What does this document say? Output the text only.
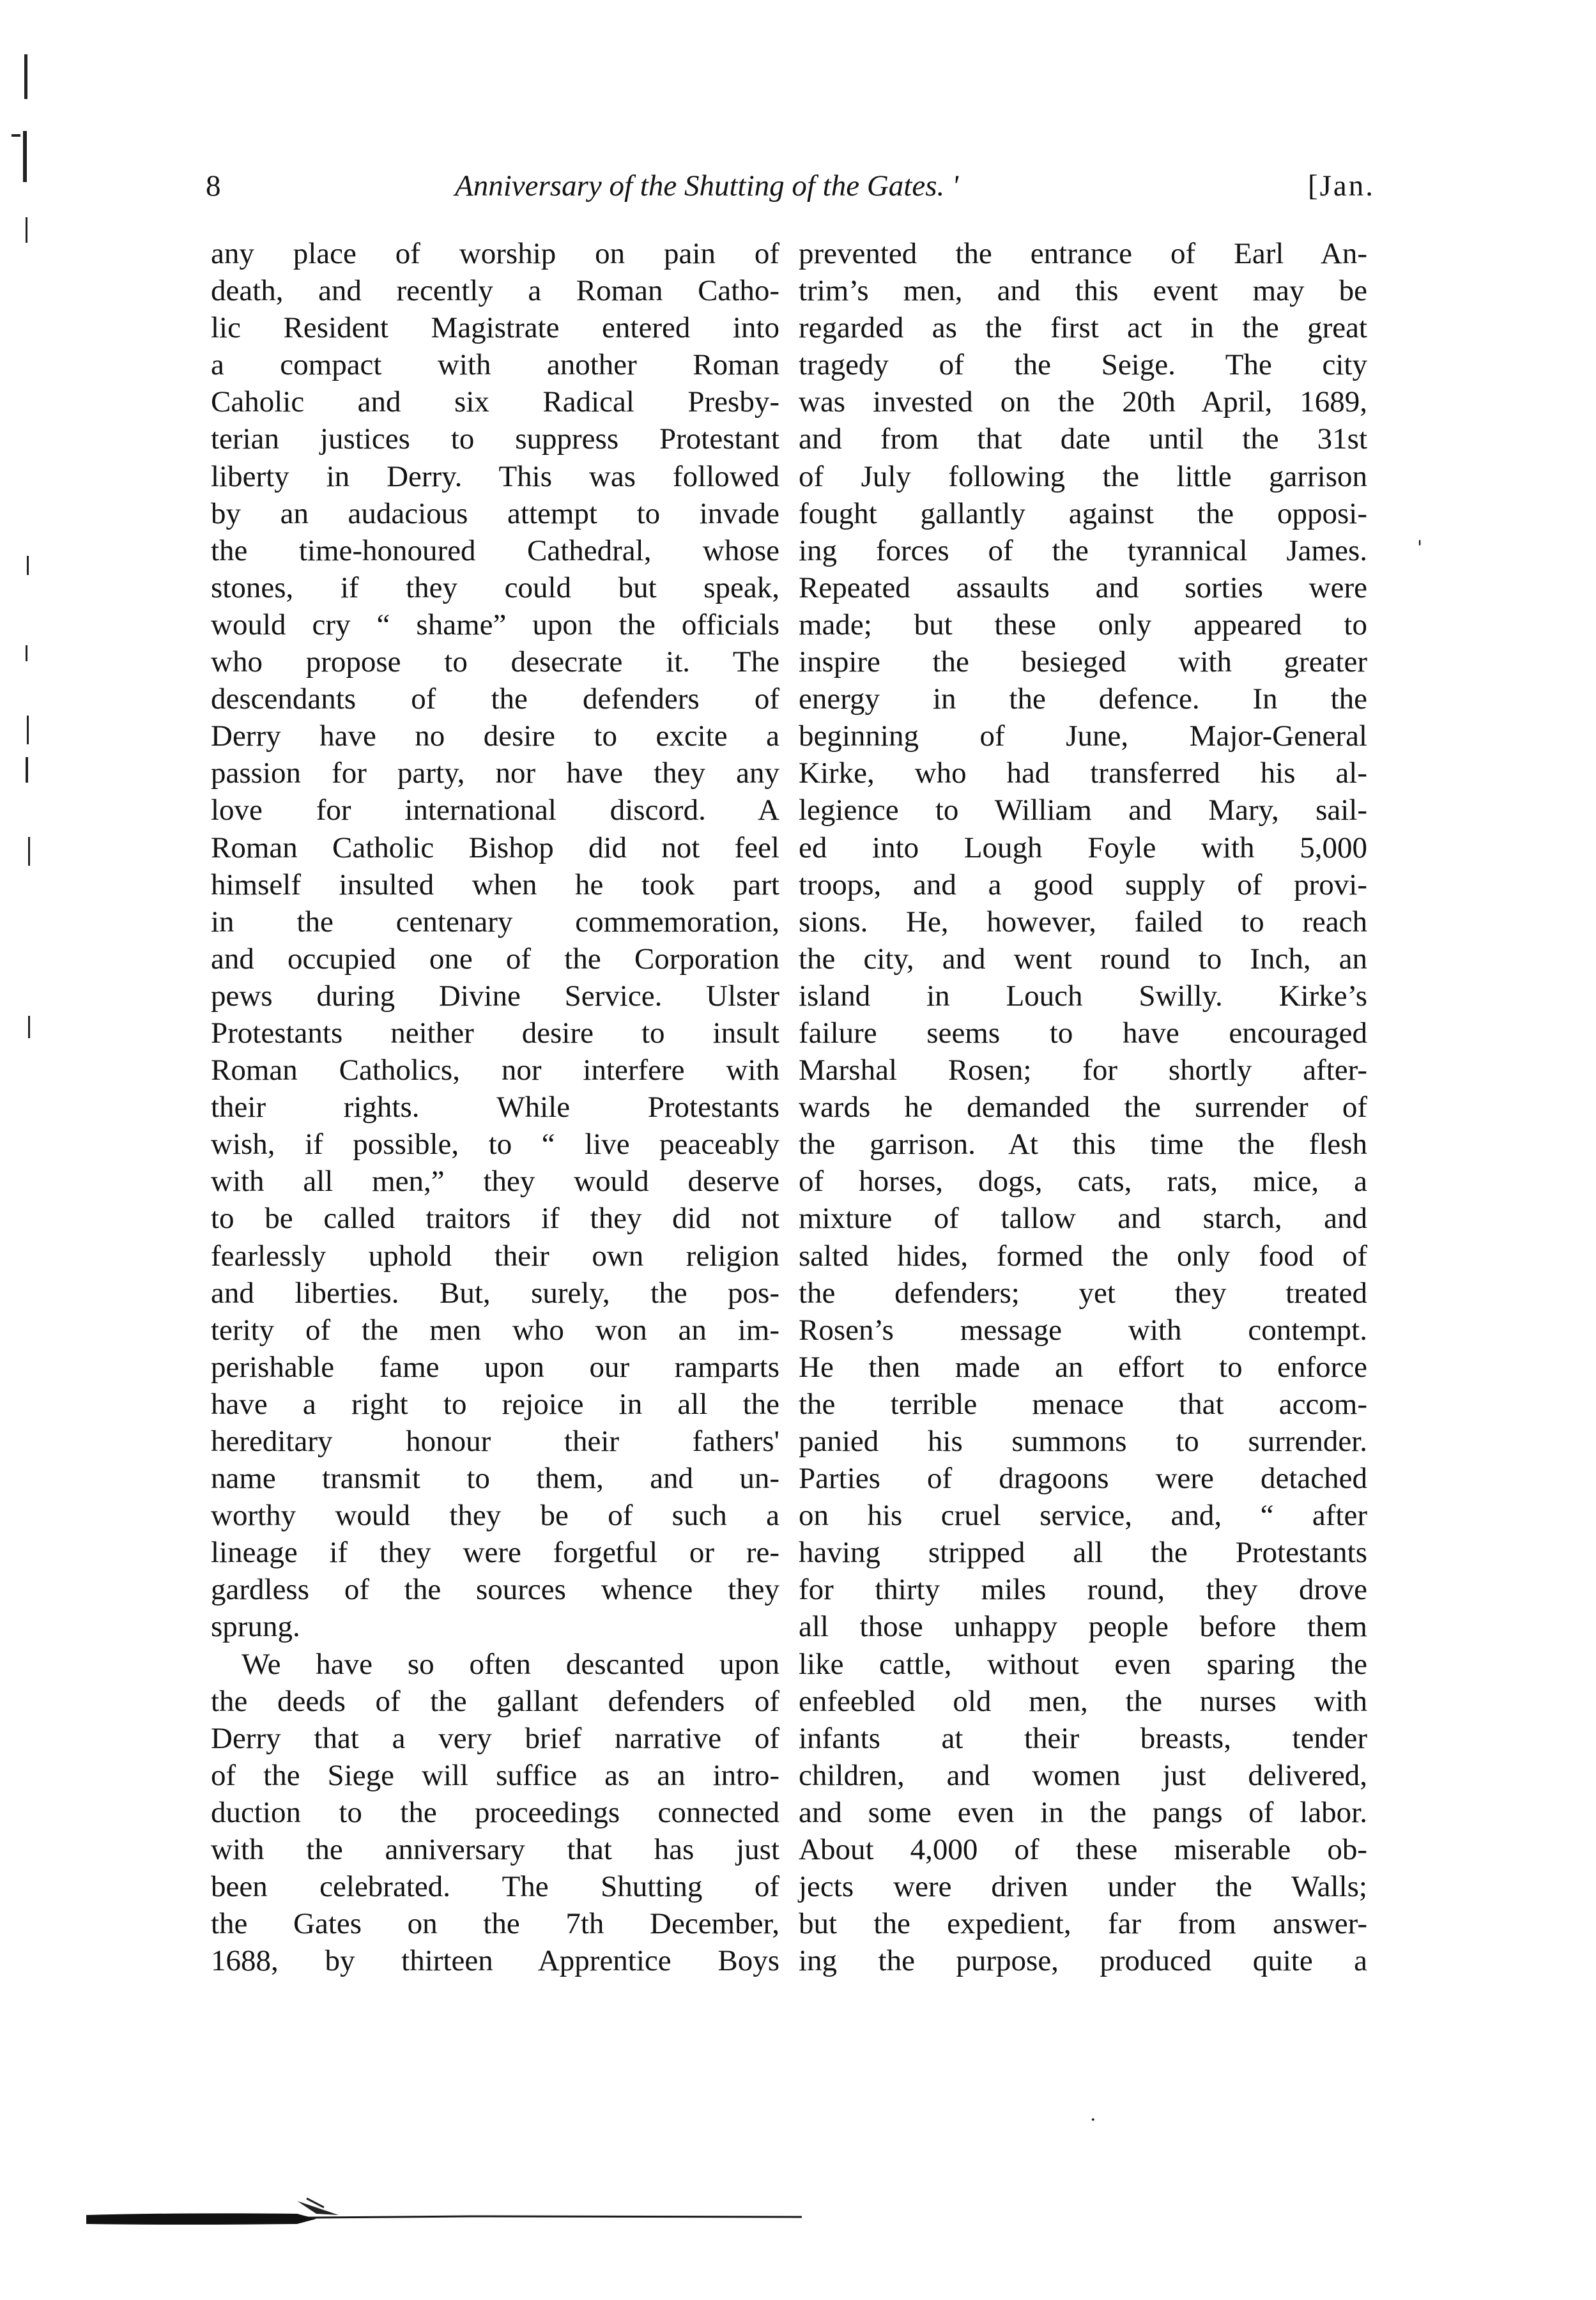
8	Anniversary of the Shutting of the Gates. '	[Jan.
any place of worship on pain of
death, and recently a Roman Catho-
lic Resident Magistrate entered into
a compact with another Roman
Caholic and six Radical Presby-
terian justices to suppress Protestant
liberty in Derry. This was followed
by an audacious attempt to invade
the time-honoured Cathedral, whose
stones, if they could but speak,
would cry “ shame” upon the officials
who propose to desecrate it. The
descendants of the defenders of
Derry have no desire to excite a
passion for party, nor have they any
love for international discord. A
Roman Catholic Bishop did not feel
himself insulted when he took part
in the centenary commemoration,
and occupied one of the Corporation
pews during Divine Service. Ulster
Protestants neither desire to insult
Roman Catholics, nor interfere with
their rights. While Protestants
wish, if possible, to “ live peaceably
with all men,” they would deserve
to be called traitors if they did not
fearlessly uphold their own religion
and liberties. But, surely, the pos-
terity of the men who won an im-
perishable fame upon our ramparts
have a right to rejoice in all the
hereditary honour their fathers'
name transmit to them, and un-
worthy would they be of such a
lineage if they were forgetful or re-
gardless of the sources whence they
sprung.
We have so often descanted upon
the deeds of the gallant defenders of
Derry that a very brief narrative of
of the Siege will suffice as an intro-
duction to the proceedings connected
with the anniversary that has just
been celebrated. The Shutting of
the Gates on the 7th December,
1688, by thirteen Apprentice Boys
prevented the entrance of Earl An-
trim’s men, and this event may be
regarded as the first act in the great
tragedy of the Seige. The city
was invested on the 20th April, 1689,
and from that date until the 31st
of July following the little garrison
fought gallantly against the opposi-
ing forces of the tyrannical James.
Repeated assaults and sorties were
made; but these only appeared to
inspire the besieged with greater
energy in the defence. In the
beginning of June, Major-General
Kirke, who had transferred his al-
legience to William and Mary, sail-
ed into Lough Foyle with 5,000
troops, and a good supply of provi-
sions. He, however, failed to reach
the city, and went round to Inch, an
island in Louch Swilly. Kirke’s
failure seems to have encouraged
Marshal Rosen; for shortly after-
wards he demanded the surrender of
the garrison. At this time the flesh
of horses, dogs, cats, rats, mice, a
mixture of tallow and starch, and
salted hides, formed the only food of
the defenders; yet they treated
Rosen’s message with contempt.
He then made an effort to enforce
the terrible menace that accom-
panied his summons to surrender.
Parties of dragoons were detached
on his cruel service, and, “ after
having stripped all the Protestants
for thirty miles round, they drove
all those unhappy people before them
like cattle, without even sparing the
enfeebled old men, the nurses with
infants at their breasts, tender
children, and women just delivered,
and some even in the pangs of labor.
About 4,000 of these miserable ob-
jects were driven under the Walls;
but the expedient, far from answer-
ing the purpose, produced quite a
'
.
